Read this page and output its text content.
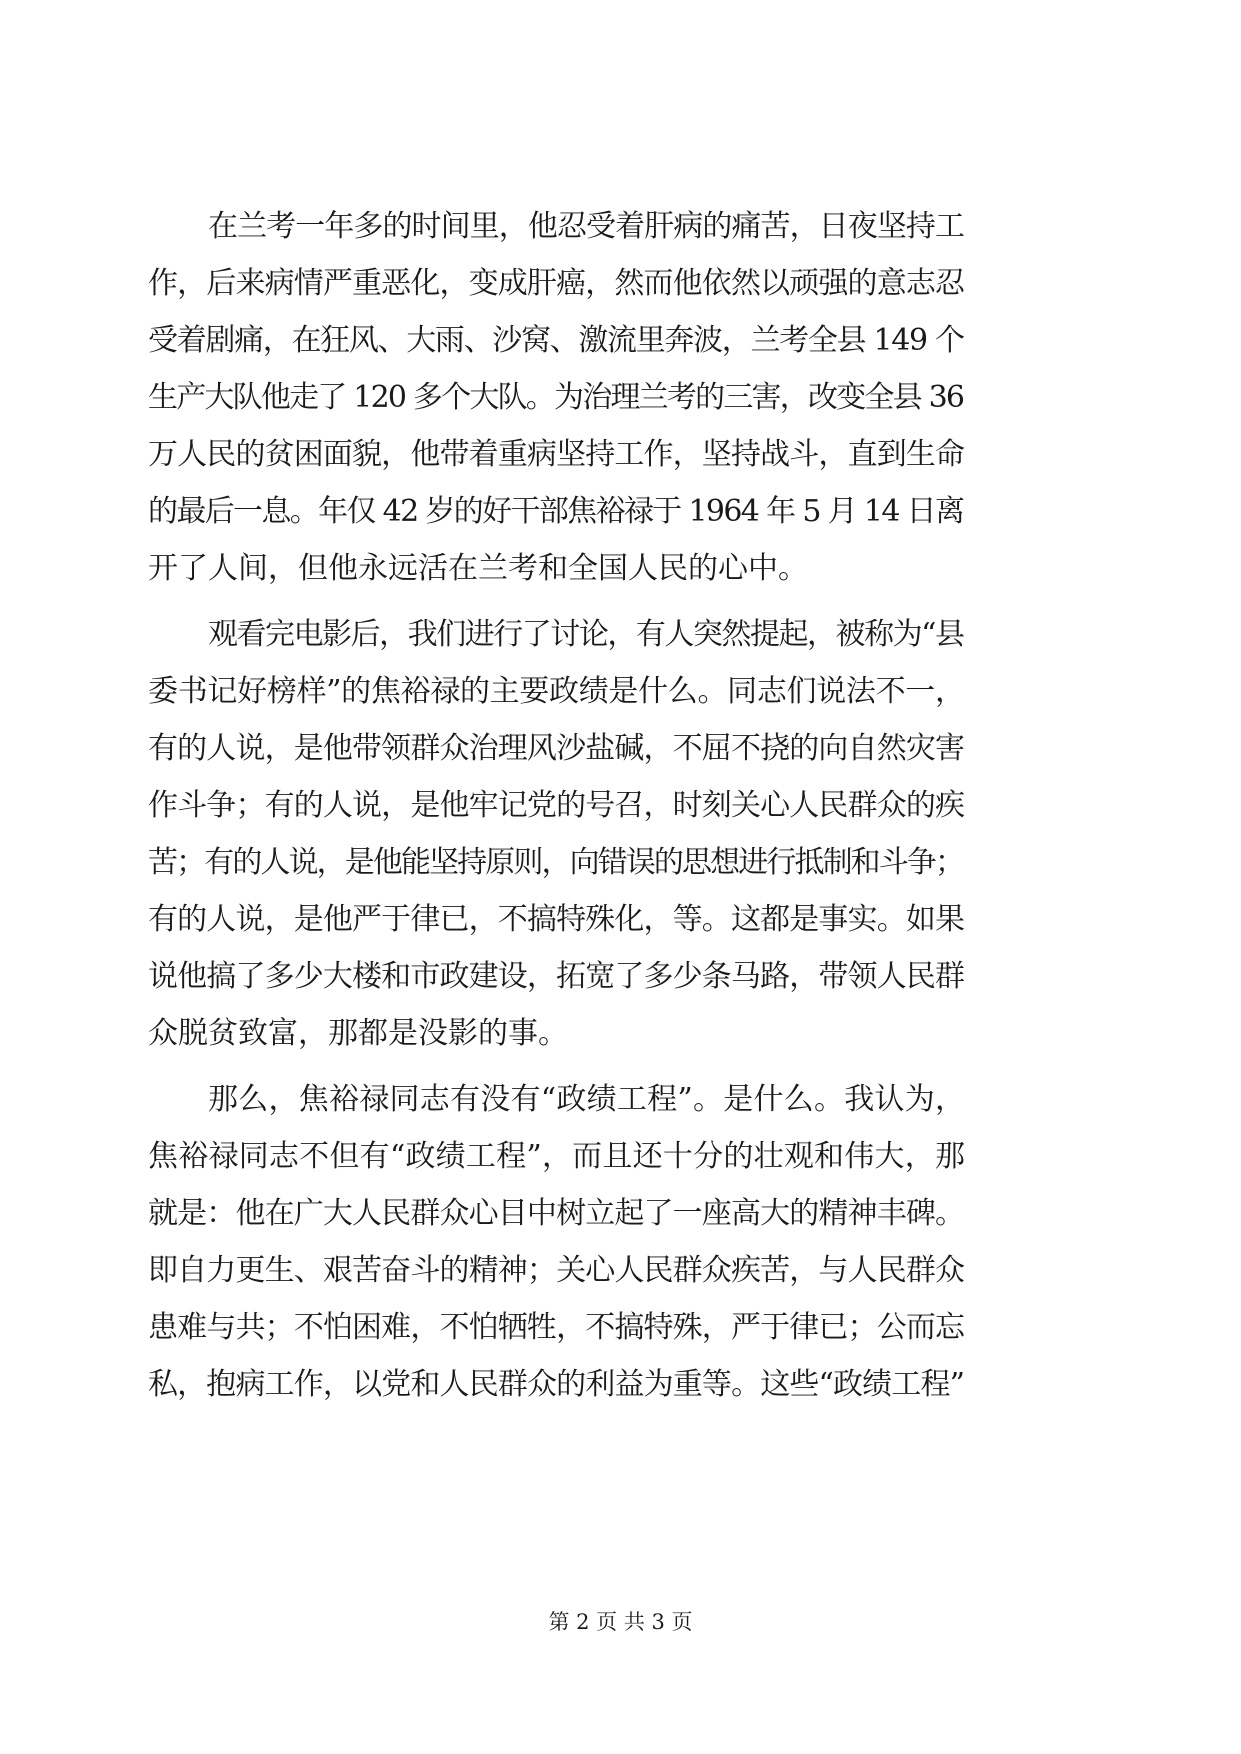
在兰考一年多的时间里，他忍受着肝病的痛苦，日夜坚持工
作，后来病情严重恶化，变成肝癌，然而他依然以顽强的意志忍
受着剧痛，在狂风、大雨、沙窝、激流里奔波，兰考全县 149 个
生产大队他走了 120 多个大队。为治理兰考的三害，改变全县 36
万人民的贫困面貌，他带着重病坚持工作，坚持战斗，直到生命
的最后一息。年仅 42 岁的好干部焦裕禄于 1964 年 5 月 14 日离
开了人间，但他永远活在兰考和全国人民的心中。
观看完电影后，我们进行了讨论，有人突然提起，被称为“县
委书记好榜样”的焦裕禄的主要政绩是什么。同志们说法不一，
有的人说，是他带领群众治理风沙盐碱，不屈不挠的向自然灾害
作斗争；有的人说，是他牢记党的号召，时刻关心人民群众的疾
苦；有的人说，是他能坚持原则，向错误的思想进行抵制和斗争；
有的人说，是他严于律已，不搞特殊化，等。这都是事实。如果
说他搞了多少大楼和市政建设，拓宽了多少条马路，带领人民群
众脱贫致富，那都是没影的事。
那么，焦裕禄同志有没有“政绩工程”。是什么。我认为，
焦裕禄同志不但有“政绩工程”，而且还十分的壮观和伟大，那
就是：他在广大人民群众心目中树立起了一座高大的精神丰碑。
即自力更生、艰苦奋斗的精神；关心人民群众疾苦，与人民群众
患难与共；不怕困难，不怕牺牲，不搞特殊，严于律已；公而忘
私，抱病工作，以党和人民群众的利益为重等。这些“政绩工程”
第 2 页 共 3 页
